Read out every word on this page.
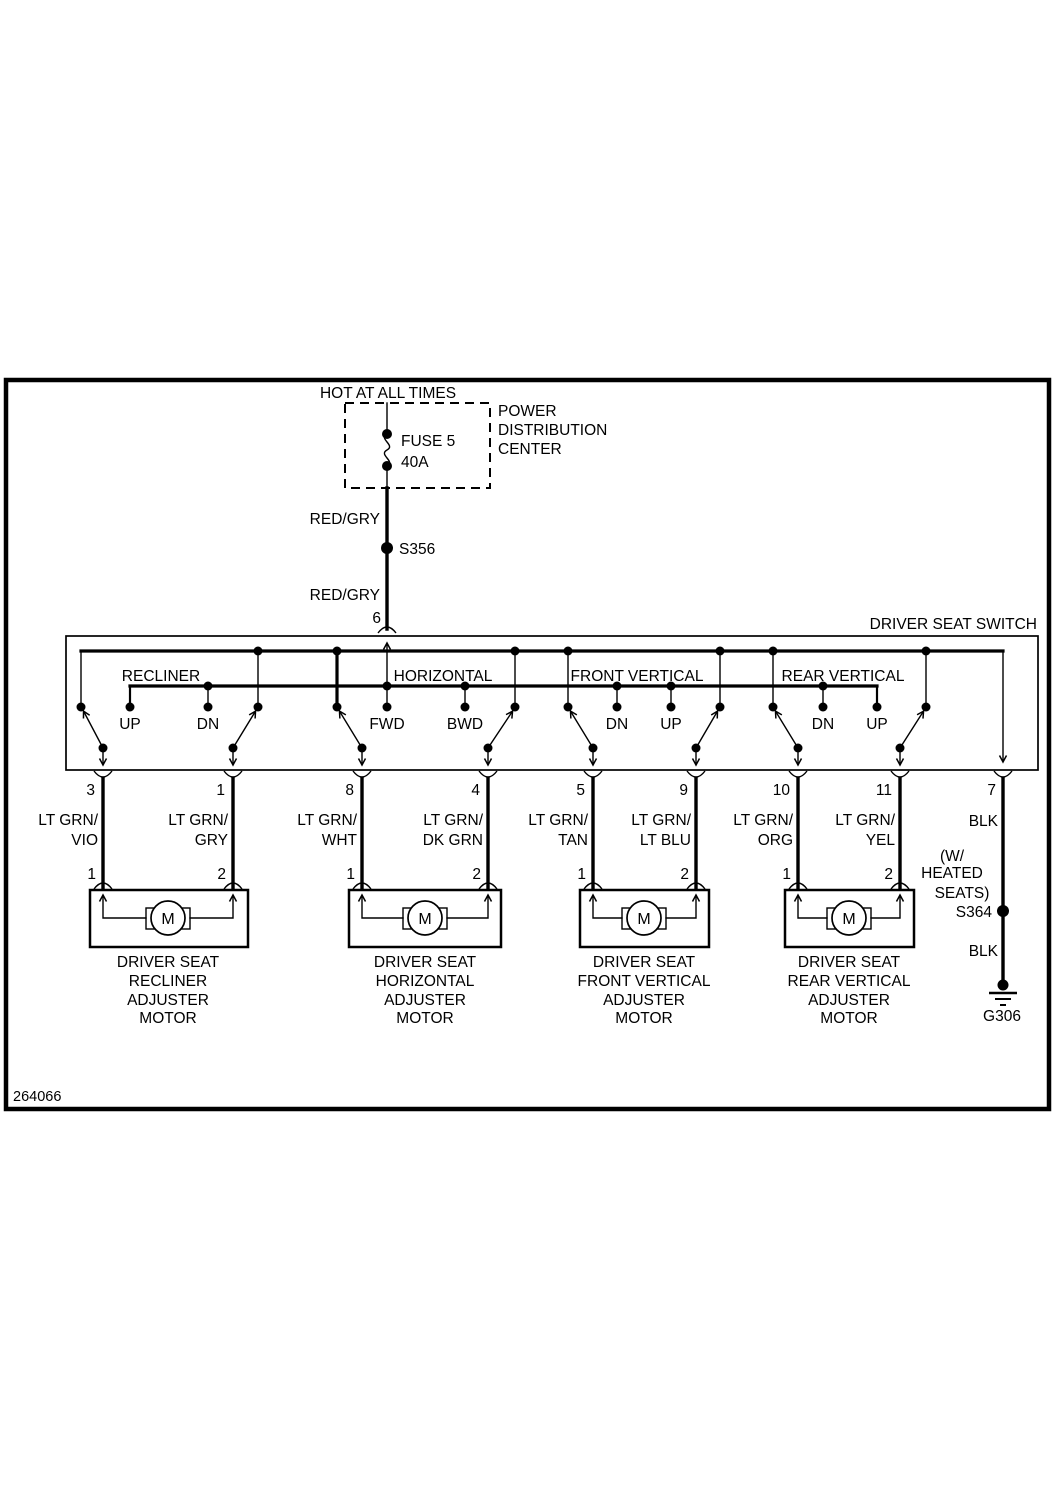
HOT AT ALL TIMES
FUSE 5
40A
POWER
DISTRIBUTION
CENTER
RED/GRY
S356
RED/GRY
6	DRIVER SEAT SWITCH
RECLINER	HORIZONTAL	FRONT VERTICAL	REAR VERTICAL
UP	DN	FWD	BWD	DN UP	DN UP
3	1	8	4	5	9	10	11	7
LT GRN/
VIO
LT GRN/
GRY
LT GRN/
WHT
LT GRN/
DK GRN
LT GRN/
TAN
LT GRN/
LT BLU
LT GRN/
ORG
LT GRN/
YEL
1	2	1	2	1	2	1	2
M
DRIVER SEAT
RECLINER
ADJUSTER
MOTOR
M
DRIVER SEAT
HORIZONTAL
ADJUSTER
MOTOR
M
DRIVER SEAT
FRONT VERTICAL
ADJUSTER
MOTOR
M
DRIVER SEAT
REAR VERTICAL
ADJUSTER
MOTOR
BLK
(W/
HEATED
SEATS)
S364
BLK
G306
264066
